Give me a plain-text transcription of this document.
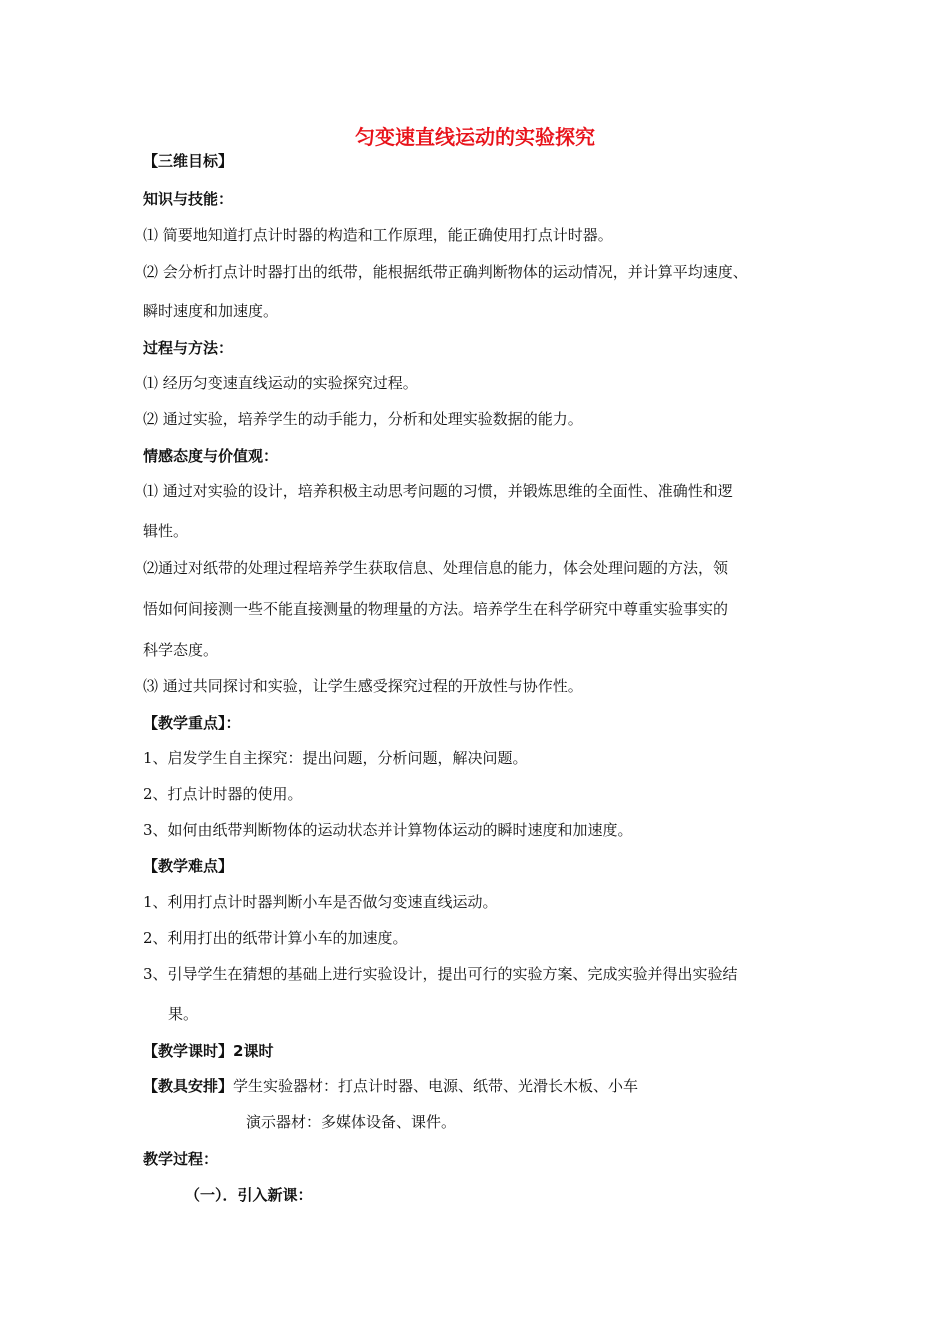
匀变速直线运动的实验探究

【三维目标】

知识与技能：

⑴ 简要地知道打点计时器的构造和工作原理，能正确使用打点计时器。

⑵ 会分析打点计时器打出的纸带，能根据纸带正确判断物体的运动情况，并计算平均速度、

瞬时速度和加速度。

过程与方法：

⑴ 经历匀变速直线运动的实验探究过程。

⑵ 通过实验，培养学生的动手能力，分析和处理实验数据的能力。

情感态度与价值观：

⑴ 通过对实验的设计，培养积极主动思考问题的习惯，并锻炼思维的全面性、准确性和逻

辑性。

⑵通过对纸带的处理过程培养学生获取信息、处理信息的能力，体会处理问题的方法，领

悟如何间接测一些不能直接测量的物理量的方法。培养学生在科学研究中尊重实验事实的

科学态度。

⑶ 通过共同探讨和实验，让学生感受探究过程的开放性与协作性。

【教学重点】：

1、启发学生自主探究：提出问题，分析问题，解决问题。

2、打点计时器的使用。

3、如何由纸带判断物体的运动状态并计算物体运动的瞬时速度和加速度。

【教学难点】

1、利用打点计时器判断小车是否做匀变速直线运动。

2、利用打出的纸带计算小车的加速度。

3、引导学生在猜想的基础上进行实验设计，提出可行的实验方案、完成实验并得出实验结

果。

【教学课时】2课时

【教具安排】学生实验器材：打点计时器、电源、纸带、光滑长木板、小车

演示器材：多媒体设备、课件。

教学过程：

（一）．引入新课：
